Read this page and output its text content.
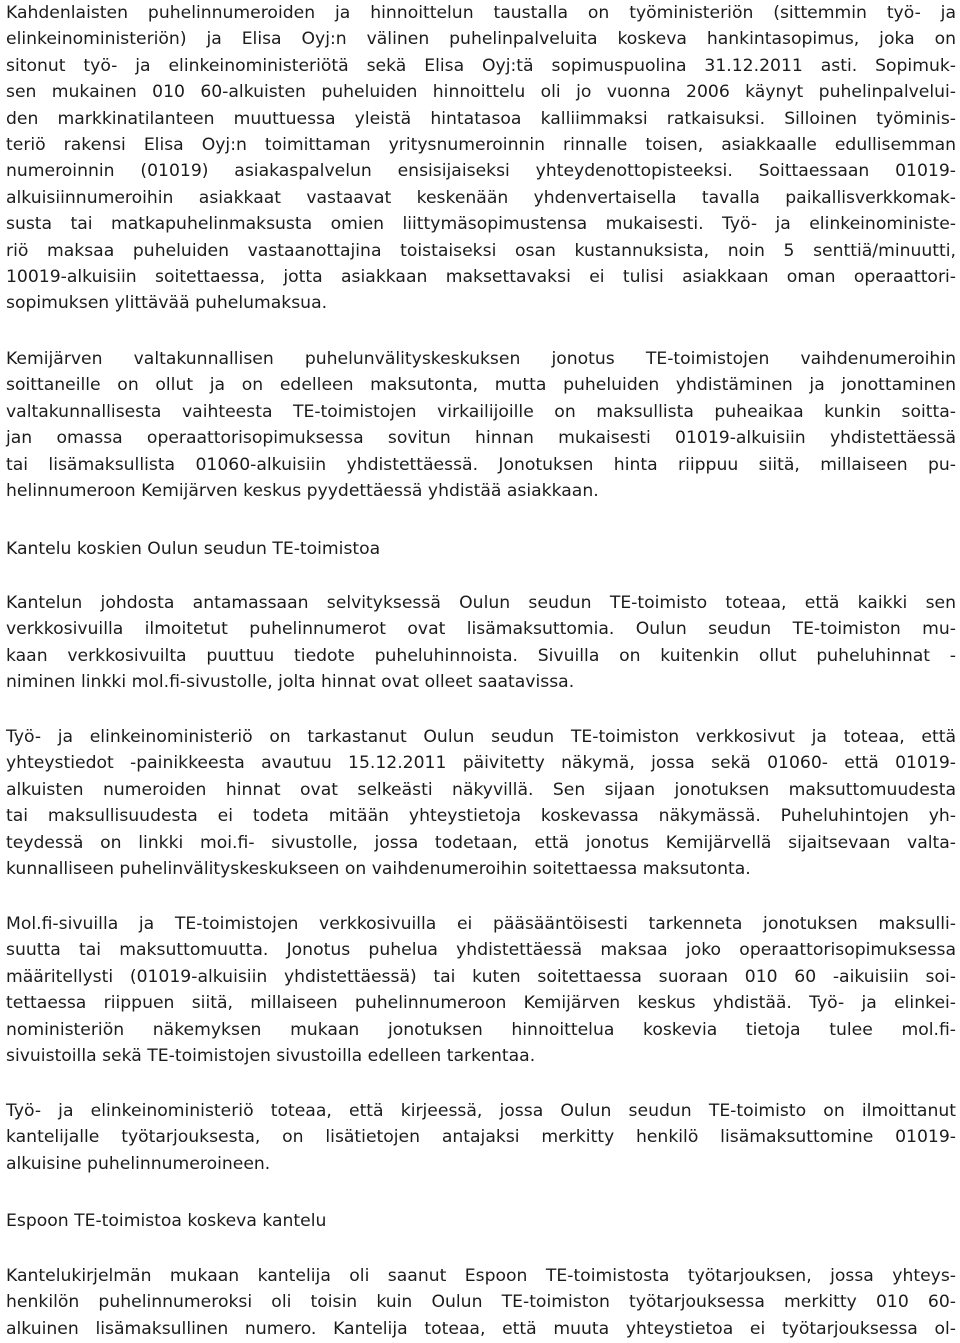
Kahdenlaisten puhelinnumeroiden ja hinnoittelun taustalla on työministeriön (sittemmin työ- ja
elinkeinoministeriön) ja Elisa Oyj:n välinen puhelinpalveluita koskeva hankintasopimus, joka on
sitonut työ- ja elinkeinoministeriötä sekä Elisa Oyj:tä sopimuspuolina 31.12.2011 asti. Sopimuk-
sen mukainen 010 60-alkuisten puheluiden hinnoittelu oli jo vuonna 2006 käynyt puhelinpalvelui-
den markkinatilanteen muuttuessa yleistä hintatasoa kalliimmaksi ratkaisuksi. Silloinen työminis-
teriö rakensi Elisa Oyj:n toimittaman yritysnumeroinnin rinnalle toisen, asiakkaalle edullisemman
numeroinnin (01019) asiakaspalvelun ensisijaiseksi yhteydenottopisteeksi. Soittaessaan 01019-
alkuisiinnumeroihin asiakkaat vastaavat keskenään yhdenvertaisella tavalla paikallisverkkomak-
susta tai matkapuhelinmaksusta omien liittymäsopimustensa mukaisesti. Työ- ja elinkeinoministe-
riö maksaa puheluiden vastaanottajina toistaiseksi osan kustannuksista, noin 5 senttiä/minuutti,
10019-alkuisiin soitettaessa, jotta asiakkaan maksettavaksi ei tulisi asiakkaan oman operaattori-
sopimuksen ylittävää puhelumaksua.
Kemijärven valtakunnallisen puhelunvälityskeskuksen jonotus TE-toimistojen vaihdenumeroihin
soittaneille on ollut ja on edelleen maksutonta, mutta puheluiden yhdistäminen ja jonottaminen
valtakunnallisesta vaihteesta TE-toimistojen virkailijoille on maksullista puheaikaa kunkin soitta-
jan omassa operaattorisopimuksessa sovitun hinnan mukaisesti 01019-alkuisiin yhdistettäessä
tai lisämaksullista 01060-alkuisiin yhdistettäessä. Jonotuksen hinta riippuu siitä, millaiseen pu-
helinnumeroon Kemijärven keskus pyydettäessä yhdistää asiakkaan.
Kantelu koskien Oulun seudun TE-toimistoa
Kantelun johdosta antamassaan selvityksessä Oulun seudun TE-toimisto toteaa, että kaikki sen
verkkosivuilla ilmoitetut puhelinnumerot ovat lisämaksuttomia. Oulun seudun TE-toimiston mu-
kaan verkkosivuilta puuttuu tiedote puheluhinnoista. Sivuilla on kuitenkin ollut puheluhinnat -
niminen linkki mol.fi-sivustolle, jolta hinnat ovat olleet saatavissa.
Työ- ja elinkeinoministeriö on tarkastanut Oulun seudun TE-toimiston verkkosivut ja toteaa, että
yhteystiedot -painikkeesta avautuu 15.12.2011 päivitetty näkymä, jossa sekä 01060- että 01019-
alkuisten numeroiden hinnat ovat selkeästi näkyvillä. Sen sijaan jonotuksen maksuttomuudesta
tai maksullisuudesta ei todeta mitään yhteystietoja koskevassa näkymässä. Puheluhintojen yh-
teydessä on linkki moi.fi- sivustolle, jossa todetaan, että jonotus Kemijärvellä sijaitsevaan valta-
kunnalliseen puhelinvälityskeskukseen on vaihdenumeroihin soitettaessa maksutonta.
Mol.fi-sivuilla ja TE-toimistojen verkkosivuilla ei pääsääntöisesti tarkenneta jonotuksen maksulli-
suutta tai maksuttomuutta. Jonotus puhelua yhdistettäessä maksaa joko operaattorisopimuksessa
määritellysti (01019-alkuisiin yhdistettäessä) tai kuten soitettaessa suoraan 010 60 -aikuisiin soi-
tettaessa riippuen siitä, millaiseen puhelinnumeroon Kemijärven keskus yhdistää. Työ- ja elinkei-
noministeriön näkemyksen mukaan jonotuksen hinnoittelua koskevia tietoja tulee mol.fi-
sivuistoilla sekä TE-toimistojen sivustoilla edelleen tarkentaa.
Työ- ja elinkeinoministeriö toteaa, että kirjeessä, jossa Oulun seudun TE-toimisto on ilmoittanut
kantelijalle työtarjouksesta, on lisätietojen antajaksi merkitty henkilö lisämaksuttomine 01019-
alkuisine puhelinnumeroineen.
Espoon TE-toimistoa koskeva kantelu
Kantelukirjelmän mukaan kantelija oli saanut Espoon TE-toimistosta työtarjouksen, jossa yhteys-
henkilön puhelinnumeroksi oli toisin kuin Oulun TE-toimiston työtarjouksessa merkitty 010 60-
alkuinen lisämaksullinen numero. Kantelija toteaa, että muuta yhteystietoa ei työtarjouksessa ol-
